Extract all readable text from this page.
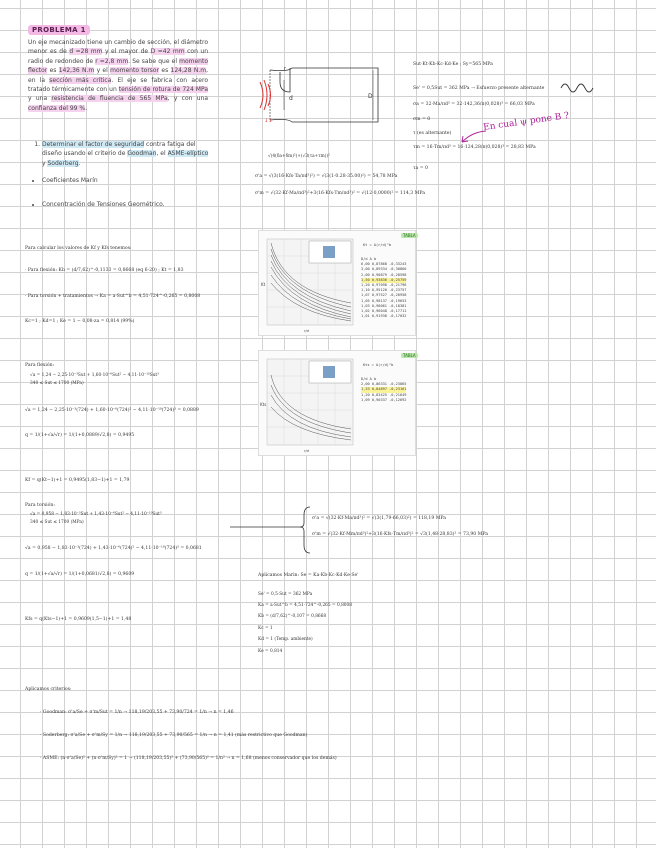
PROBLEMA 1
Un eje mecanizado tiene un cambio de sección, el diámetro menor es de d =28 mm y el mayor de D =42 mm con un radio de redondeo de r =2,8 mm. Se sabe que el momento flector es 142,36 N.m y el momento torsor es 124,28 N.m, en la sección más crítica. El eje se fabrica con acero tratado térmicamente con un tensión de rotura de 724 MPa y una resistencia de fluencia de 565 MPa, y con una confianza del 99 %.
1. Determinar el factor de seguridad contra fatiga del diseño usando el criterio de Goodman, el ASME-elíptico y Soderberg.
• Coeficientes Marín
• Concentración de Tensiones Geométrico.
↓↓
d	D
r
√(4(δa+δm)²)+(√3(τa+τm))²
σ'a = √(3(16·Kfs·Ta/πd³)²) = √(3(1·0.28·35.00)²) = 54,78 MPa
σ'm = √(32·Kf·Ma/πd³)²+3(16·Kfs·Tm/πd³)² = √(12·0,0000)² = 114,3 MPa
Sut·Kt·Kb·Kc·Kd·Ke ; Sy=565 MPa
Se' = 0,5Sut = 362 MPa → Esfuerzo presente alternante
σa = 32·Ma/πd³ = 32·142,36/π(0,028)³ = 66,03 MPa
σm = 0
τ (es alternante)
τm = 16·Tm/πd³ = 16·124,28/π(0,028)³ = 28,83 MPa
τa = 0
En cual ψ pone B ?
Para calcular los valores de Kf y Kfs tenemos:
· Para flexión: Kb = (d/7,62)^-0,1133 = 0,8668 (eq 6-20) ; Kt = 1,83
· Para torsión + tratamientos → Ka = a·Sut^b = 4,51·724^-0,265 = 0,8008
Kc=1 ; Kd=1 ; Ke = 1 − 0,08·za = 0,814 (99%)
Para flexión:
√a = 1,24 − 2,25·10⁻³Sut + 1,60·10⁻⁶Sut² − 4,11·10⁻¹⁰Sut³
340 ≤ Sut ≤ 1700 (MPa)
√a = 1,24 − 2,25·10⁻³(724) + 1,60·10⁻⁶(724)² − 4,11·10⁻¹⁰(724)³ = 0,0889
q = 1/(1+√a/√r) = 1/(1+0,0889/√2,8) = 0,9495
Kf = q(Kt−1)+1 = 0,9495(1,83−1)+1 = 1,79
Para torsión:
√a = 0,958 − 1,83·10⁻³Sut + 1,43·10⁻⁶Sut² − 4,11·10⁻¹⁰Sut³
340 ≤ Sut ≤ 1700 (MPa)
√a = 0,958 − 1,83·10⁻³(724) + 1,43·10⁻⁶(724)² − 4,11·10⁻¹⁰(724)³ = 0,0681
q = 1/(1+√a/√r) = 1/(1+0,0681/√2,8) = 0,9609
Kfs = q(Kts−1)+1 = 0,9609(1,5−1)+1 = 1,48
TABLA
Kt
r/d
Kt = A(r/d)^b
D/d A b
6,00 0,87868 -0,33243
3,00 0,89334 -0,30860
2,00 0,90879 -0,28598
1,50 0,93836 -0,25759
1,20 0,97098 -0,21796
1,10 0,95120 -0,23757
1,07 0,97527 -0,20958
1,05 0,98137 -0,19653
1,03 0,98061 -0,18381
1,02 0,96048 -0,17711
1,01 0,91938 -0,17032
TABLA
Kts
r/d
Kts = A(r/d)^b
D/d A b
2,00 0,86331 -0,23865
1,33 0,84897 -0,23161
1,20 0,83425 -0,21649
1,09 0,90337 -0,12692
σ'a = √(32·Kf·Ma/πd³)² = √(3(1,79·66,03)²) = 118,19 MPa
σ'm = √(32·Kf·Mm/πd³)²+3(16·Kfs·Tm/πd³)² = √3(1,48·28,83)² = 73,90 MPa
Aplicamos Marin: Se = Ka·Kb·Kc·Kd·Ke·Se'
Se' = 0,5·Sut = 362 MPa
Ka = a·Sut^b = 4,51·724^-0,265 = 0,8008
Kb = (d/7,62)^-0,107 = 0,8668
Kc = 1
Kd = 1 (Temp. ambiente)
Ke = 0,814
Aplicamos criterios:
· Goodman: σ'a/Se + σ'm/Sut = 1/n → 118,19/203,55 + 73,90/724 = 1/n → n = 1,46
· Soderberg: σ'a/Se + σ'm/Sy = 1/n → 118,19/203,55 + 73,90/565 = 1/n → n = 1,41 (más restrictivo que Goodman)
· ASME: (n·σ'a/Se)² + (n·σ'm/Sy)² = 1 → (118,19/203,55)² + (73,90/565)² = 1/n² → n = 1,68 (menos conservador que los demás)
